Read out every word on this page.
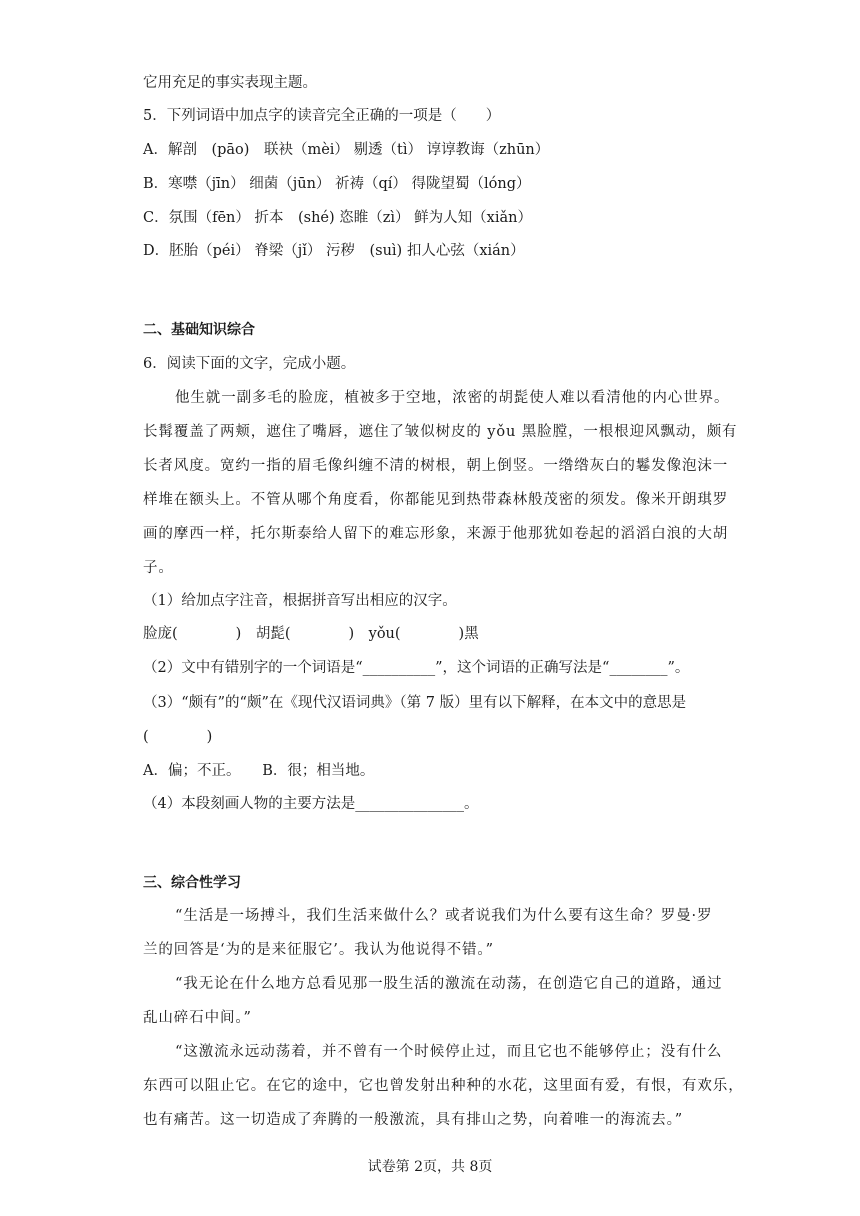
它用充足的事实表现主题。
5．下列词语中加点字的读音完全正确的一项是（　　）
A．解剖　(pāo)　联袂（mèi） 剔透（tì） 谆谆教诲（zhūn）
B．寒噤（jīn） 细菌（jūn） 祈祷（qí） 得陇望蜀（lóng）
C．氛围（fēn） 折本　(shé) 恣睢（zì） 鲜为人知（xiǎn）
D．胚胎（péi） 脊梁（jǐ） 污秽　(suì) 扣人心弦（xián）
二、基础知识综合
6．阅读下面的文字，完成小题。
他生就一副多毛的脸庞，植被多于空地，浓密的胡髭使人难以看清他的内心世界。
长髯覆盖了两颊，遮住了嘴唇，遮住了皱似树皮的 yǒu 黑脸膛，一根根迎风飘动，颇有
长者风度。宽约一指的眉毛像纠缠不清的树根，朝上倒竖。一绺绺灰白的鬈发像泡沫一
样堆在额头上。不管从哪个角度看，你都能见到热带森林般茂密的须发。像米开朗琪罗
画的摩西一样，托尔斯泰给人留下的难忘形象，来源于他那犹如卷起的滔滔白浪的大胡
子。
（1）给加点字注音，根据拼音写出相应的汉字。
脸庞(　　　　)　胡髭(　　　　)　yǒu(　　　　)黑
（2）文中有错别字的一个词语是“__________”，这个词语的正确写法是“________”。
（3）“颇有”的“颇”在《现代汉语词典》（第 7 版）里有以下解释，在本文中的意思是
(　　　　)
A．偏；不正。　　B．很；相当地。
（4）本段刻画人物的主要方法是_______________。
三、综合性学习
“生活是一场搏斗，我们生活来做什么？或者说我们为什么要有这生命？罗曼·罗
兰的回答是‘为的是来征服它’。我认为他说得不错。”
“我无论在什么地方总看见那一股生活的激流在动荡，在创造它自己的道路，通过
乱山碎石中间。”
“这激流永远动荡着，并不曾有一个时候停止过，而且它也不能够停止；没有什么
东西可以阻止它。在它的途中，它也曾发射出种种的水花，这里面有爱，有恨，有欢乐，
也有痛苦。这一切造成了奔腾的一般激流，具有排山之势，向着唯一的海流去。”
试卷第 2页，共 8页
